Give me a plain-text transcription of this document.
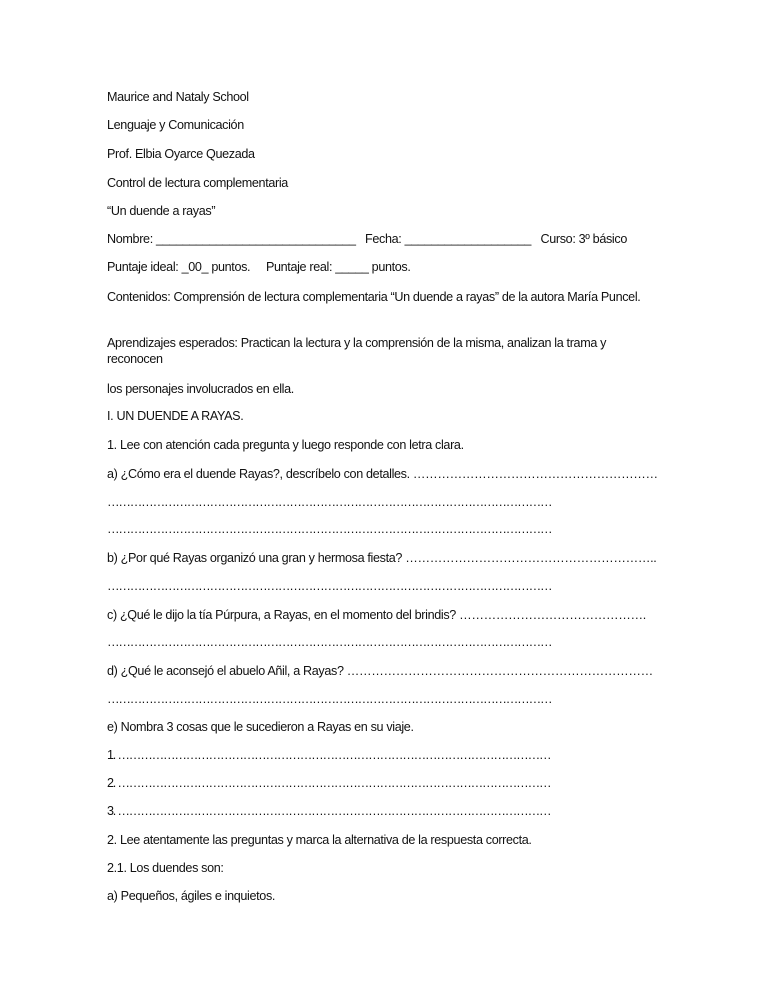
Maurice and Nataly School
Lenguaje y Comunicación
Prof. Elbia Oyarce Quezada
Control de lectura complementaria
“Un duende a rayas”
Nombre: ______________________________   Fecha: ___________________   Curso: 3º básico
Puntaje ideal: _00_ puntos.     Puntaje real: _____ puntos.
Contenidos: Comprensión de lectura complementaria “Un duende a rayas” de la autora María Puncel.
Aprendizajes esperados: Practican la lectura y la comprensión de la misma, analizan la trama y reconocen
los personajes involucrados en ella.
I. UN DUENDE A RAYAS.
1. Lee con atención cada pregunta y luego responde con letra clara.
a) ¿Cómo era el duende Rayas?, descríbelo con detalles. ……………………………………………………
………………………………………………………………………………………………………
………………………………………………………………………………………………………
b) ¿Por qué Rayas organizó una gran y hermosa fiesta? ……………………………………………………..
………………………………………………………………………………………………………
c) ¿Qué le dijo la tía Púrpura, a Rayas, en el momento del brindis? ……………………………………….
………………………………………………………………………………………………………
d) ¿Qué le aconsejó el abuelo Añil, a Rayas? …………………………………………………………………
………………………………………………………………………………………………………
e) Nombra 3 cosas que le sucedieron a Rayas en su viaje.
1. ……………………………………………………………………………………………………
2. ……………………………………………………………………………………………………
3. ……………………………………………………………………………………………………
2. Lee atentamente las preguntas y marca la alternativa de la respuesta correcta.
2.1. Los duendes son:
a) Pequeños, ágiles e inquietos.
